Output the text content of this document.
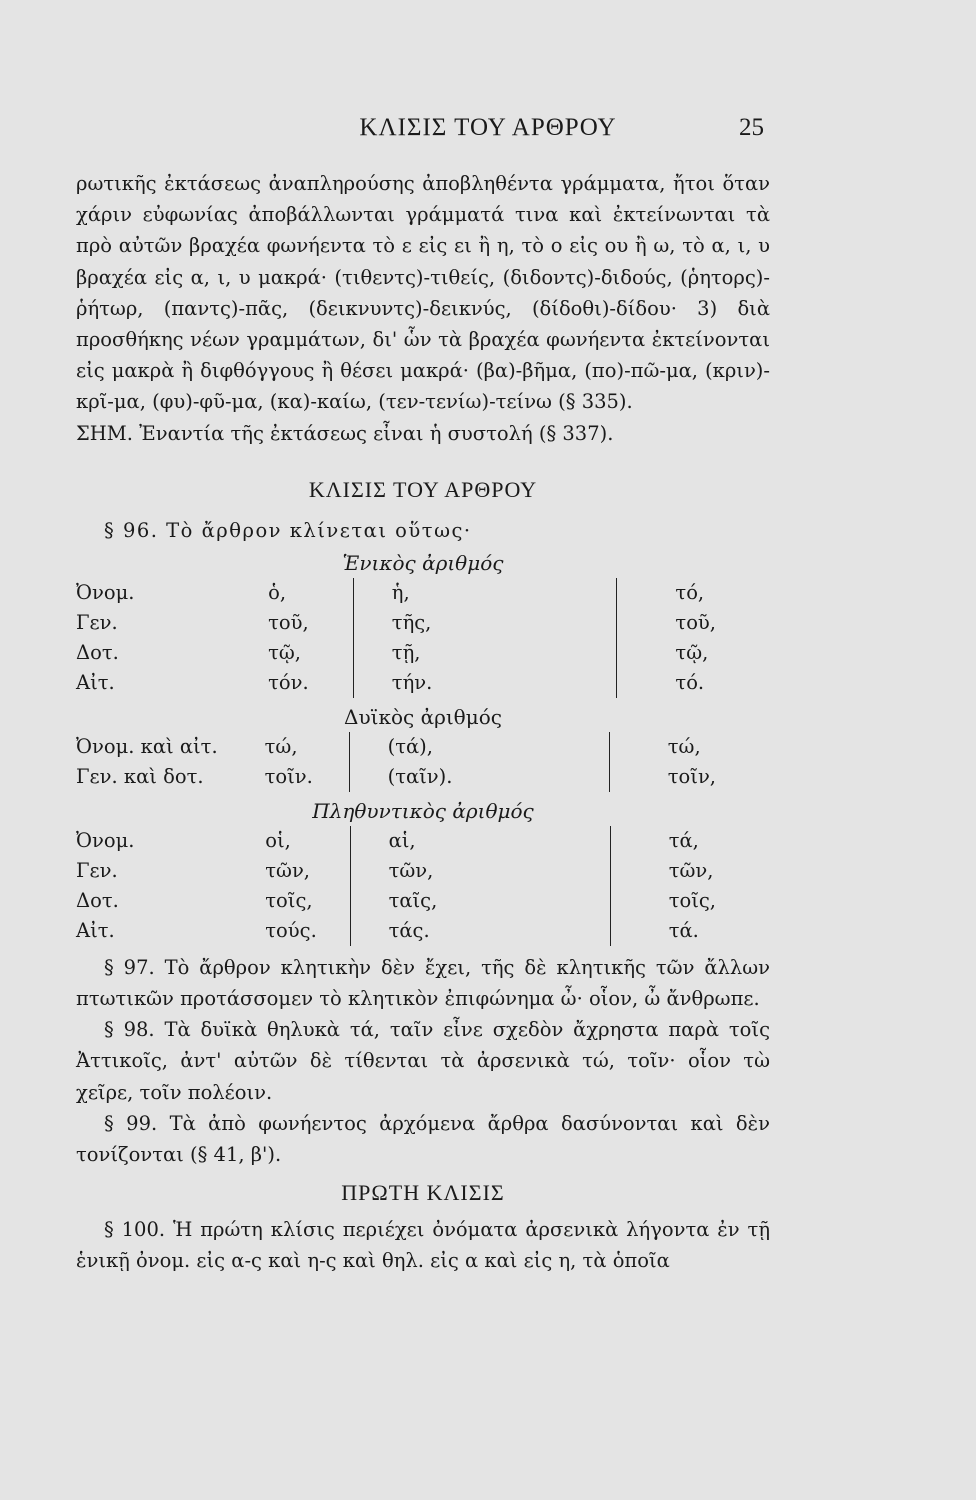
ΚΛΙΣΙΣ ΤΟΥ ΑΡΘΡΟΥ	25

ρωτικῆς ἐκτάσεως ἀναπληρούσης ἀποβληθέντα γράμματα, ἤτοι ὅταν χάριν εὐφωνίας ἀποβάλλωνται γράμματά τινα καὶ ἐκτείνωνται τὰ πρὸ αὐτῶν βραχέα φωνήεντα τὸ ε εἰς ει ἢ η, τὸ ο εἰς ου ἢ ω, τὸ α, ι, υ βραχέα εἰς α, ι, υ μακρά· (τιθεντς)-τιθείς, (διδοντς)-διδούς, (ῥητορς)-ῥήτωρ, (παντς)-πᾶς, (δεικνυντς)-δεικνύς, (δίδοθι)-δίδου· 3) διὰ προσθήκης νέων γραμμάτων, δι' ὧν τὰ βραχέα φωνήεντα ἐκτείνονται εἰς μακρὰ ἢ διφθόγγους ἢ θέσει μακρά· (βα)-βῆμα, (πο)-πῶ-μα, (κριν)-κρῖ-μα, (φυ)-φῦ-μα, (κα)-καίω, (τεν-τενίω)-τείνω (§ 335).

ΣΗΜ. Ἐναντία τῆς ἐκτάσεως εἶναι ἡ συστολή (§ 337).

ΚΛΙΣΙΣ ΤΟΥ ΑΡΘΡΟΥ

§ 96. Τὸ ἄρθρον κλίνεται οὕτως·

Ἑνικὸς ἀριθμός

Ὀνομ.	ὁ,	ἡ,	τό,
Γεν.	τοῦ,	τῆς,	τοῦ,
Δοτ.	τῷ,	τῇ,	τῷ,
Αἰτ.	τόν.	τήν.	τό.

Δυϊκὸς ἀριθμός

Ὀνομ. καὶ αἰτ.	τώ,	(τά),	τώ,
Γεν. καὶ δοτ.	τοῖν.	(ταῖν).	τοῖν,

Πληθυντικὸς ἀριθμός

Ὀνομ.	οἱ,	αἱ,	τά,
Γεν.	τῶν,	τῶν,	τῶν,
Δοτ.	τοῖς,	ταῖς,	τοῖς,
Αἰτ.	τούς.	τάς.	τά.

§ 97. Τὸ ἄρθρον κλητικὴν δὲν ἔχει, τῆς δὲ κλητικῆς τῶν ἄλλων πτωτικῶν προτάσσομεν τὸ κλητικὸν ἐπιφώνημα ὦ· οἷον, ὦ ἄνθρωπε.

§ 98. Τὰ δυϊκὰ θηλυκὰ τά, ταῖν εἶνε σχεδὸν ἄχρηστα παρὰ τοῖς Ἀττικοῖς, ἀντ' αὐτῶν δὲ τίθενται τὰ ἀρσενικὰ τώ, τοῖν· οἷον τὼ χεῖρε, τοῖν πολέοιν.

§ 99. Τὰ ἀπὸ φωνήεντος ἀρχόμενα ἄρθρα δασύνονται καὶ δὲν τονίζονται (§ 41, β').

ΠΡΩΤΗ ΚΛΙΣΙΣ

§ 100. Ἡ πρώτη κλίσις περιέχει ὀνόματα ἀρσενικὰ λήγοντα ἐν τῇ ἑνικῇ ὀνομ. εἰς α-ς καὶ η-ς καὶ θηλ. εἰς α καὶ εἰς η, τὰ ὁποῖα
